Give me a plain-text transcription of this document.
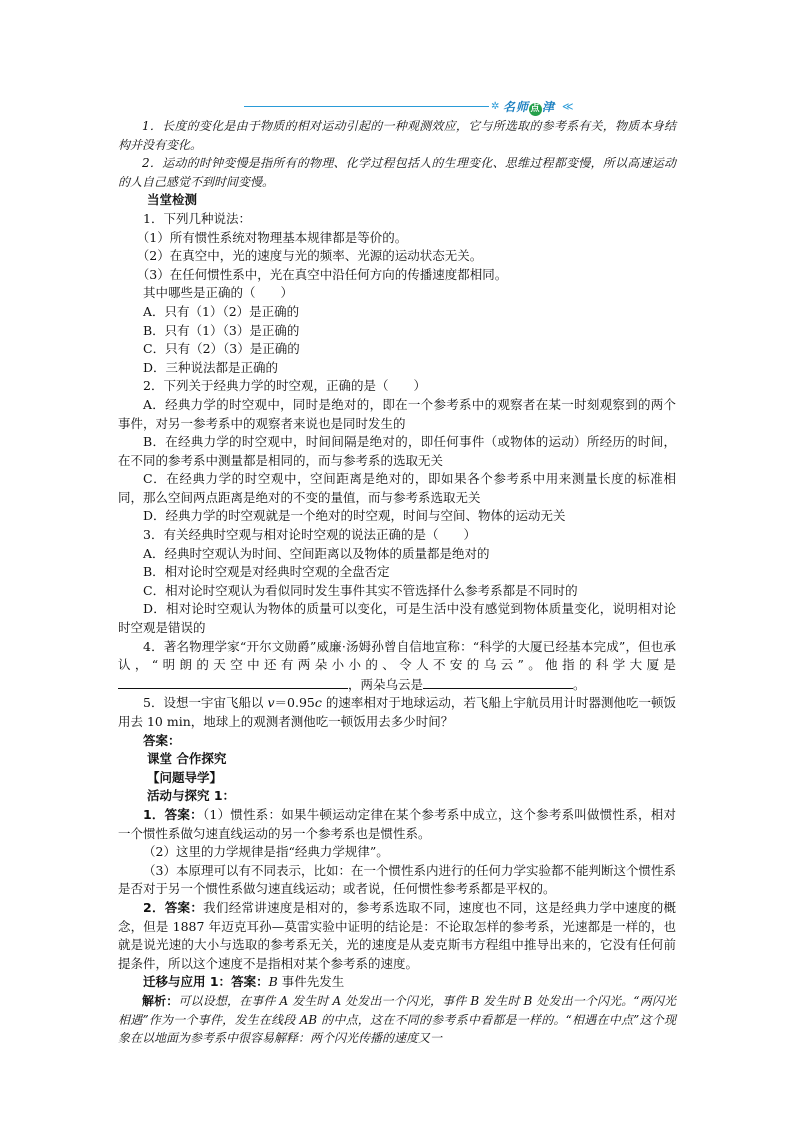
✲ 名师点 津 ≪

1．长度的变化是由于物质的相对运动引起的一种观测效应，它与所选取的参考系有关，物质本身结构并没有变化。

2．运动的时钟变慢是指所有的物理、化学过程包括人的生理变化、思维过程都变慢，所以高速运动的人自己感觉不到时间变慢。

当堂检测

1．下列几种说法：

（1）所有惯性系统对物理基本规律都是等价的。

（2）在真空中，光的速度与光的频率、光源的运动状态无关。

（3）在任何惯性系中，光在真空中沿任何方向的传播速度都相同。

其中哪些是正确的（　　）

A．只有（1）（2）是正确的

B．只有（1）（3）是正确的

C．只有（2）（3）是正确的

D．三种说法都是正确的

2．下列关于经典力学的时空观，正确的是（　　）

A．经典力学的时空观中，同时是绝对的，即在一个参考系中的观察者在某一时刻观察到的两个事件，对另一参考系中的观察者来说也是同时发生的

B．在经典力学的时空观中，时间间隔是绝对的，即任何事件（或物体的运动）所经历的时间，在不同的参考系中测量都是相同的，而与参考系的选取无关

C．在经典力学的时空观中，空间距离是绝对的，即如果各个参考系中用来测量长度的标准相同，那么空间两点距离是绝对的不变的量值，而与参考系选取无关

D．经典力学的时空观就是一个绝对的时空观，时间与空间、物体的运动无关

3．有关经典时空观与相对论时空观的说法正确的是（　　）

A．经典时空观认为时间、空间距离以及物体的质量都是绝对的

B．相对论时空观是对经典时空观的全盘否定

C．相对论时空观认为看似同时发生事件其实不管选择什么参考系都是不同时的

D．相对论时空观认为物体的质量可以变化，可是生活中没有感觉到物体质量变化，说明相对论时空观是错误的

4．著名物理学家“开尔文勋爵”威廉·汤姆孙曾自信地宣称：“科学的大厦已经基本完成”，但也承认，“明朗的天空中还有两朵小小的、令人不安的乌云”。他指的科学大厦是，两朵乌云是	。

5．设想一宇宙飞船以 v＝0.95c 的速率相对于地球运动，若飞船上宇航员用计时器测他吃一顿饭用去 10 min，地球上的观测者测他吃一顿饭用去多少时间？

答案：

课堂 合作探究

【问题导学】

活动与探究 1：

1．答案：（1）惯性系：如果牛顿运动定律在某个参考系中成立，这个参考系叫做惯性系，相对一个惯性系做匀速直线运动的另一个参考系也是惯性系。

（2）这里的力学规律是指“经典力学规律”。

（3）本原理可以有不同表示，比如：在一个惯性系内进行的任何力学实验都不能判断这个惯性系是否对于另一个惯性系做匀速直线运动；或者说，任何惯性参考系都是平权的。

2．答案：我们经常讲速度是相对的，参考系选取不同，速度也不同，这是经典力学中速度的概念，但是 1887 年迈克耳孙—莫雷实验中证明的结论是：不论取怎样的参考系，光速都是一样的，也就是说光速的大小与选取的参考系无关，光的速度是从麦克斯韦方程组中推导出来的，它没有任何前提条件，所以这个速度不是指相对某个参考系的速度。

迁移与应用 1：答案：B 事件先发生

解析：可以设想，在事件 A 发生时 A 处发出一个闪光，事件 B 发生时 B 处发出一个闪光。“两闪光相遇”作为一个事件，发生在线段 AB 的中点，这在不同的参考系中看都是一样的。“相遇在中点”这个现象在以地面为参考系中很容易解释：两个闪光传播的速度又一
